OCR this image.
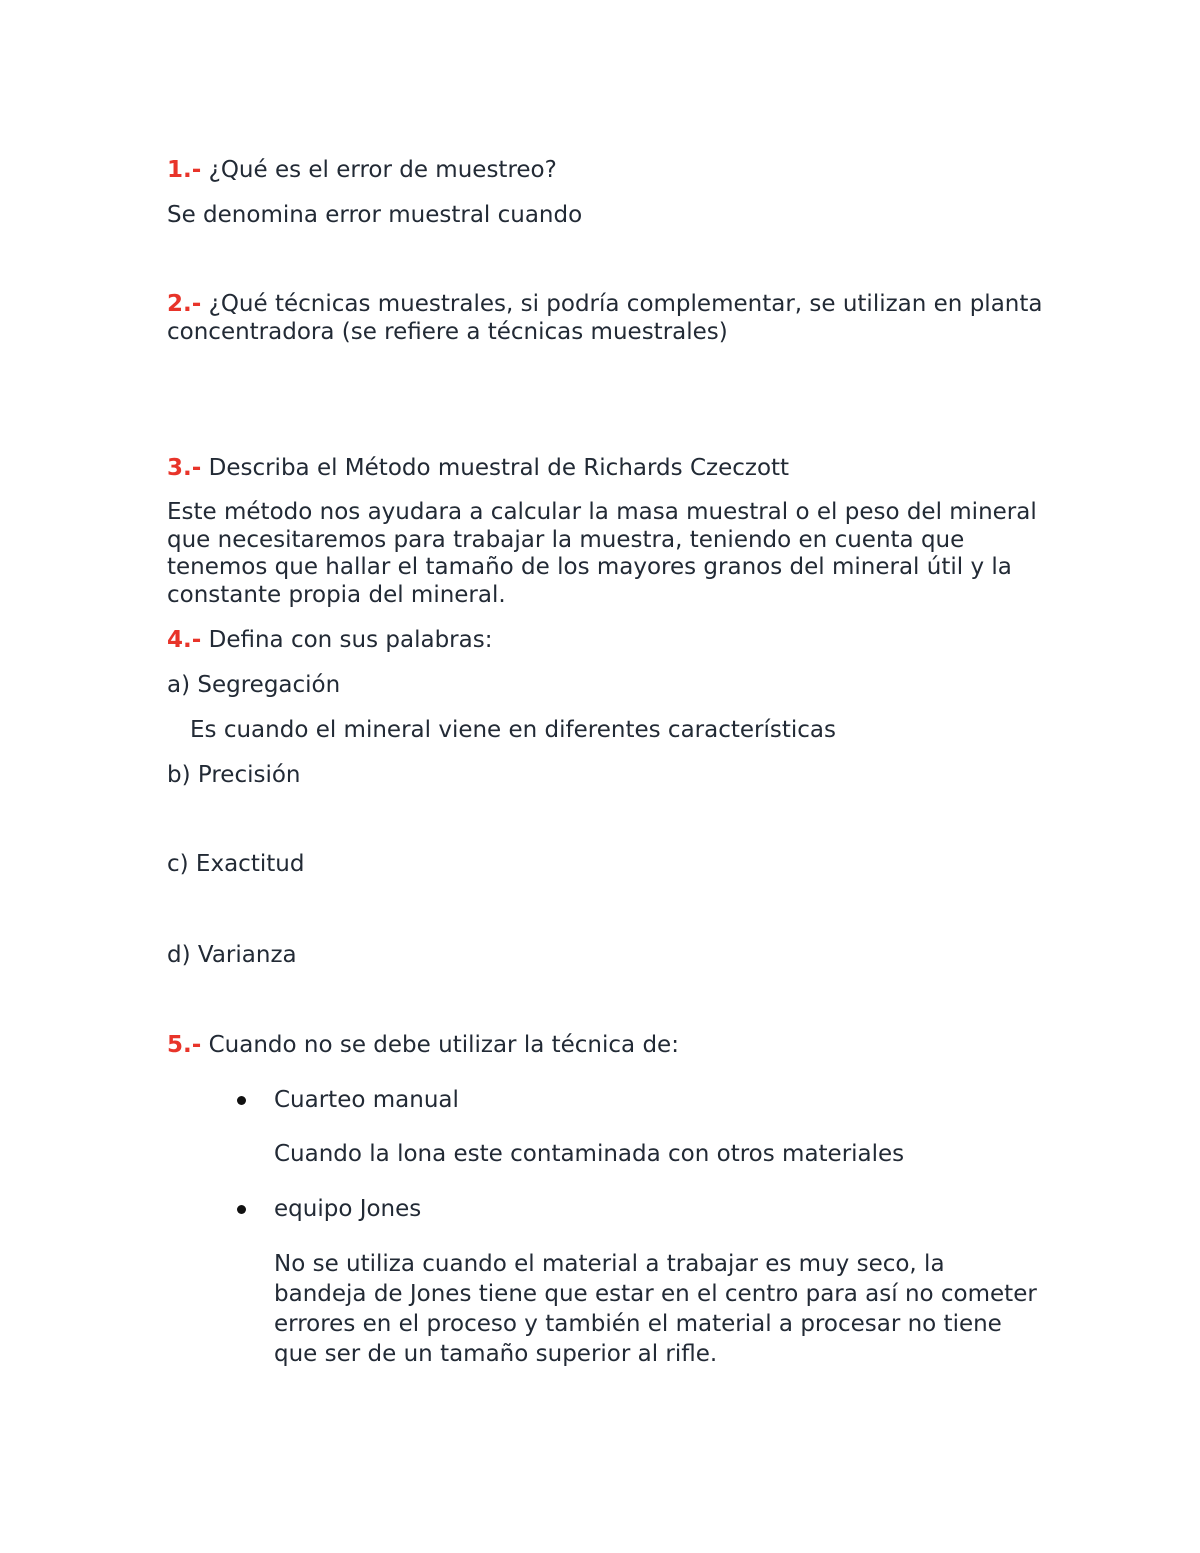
1.- ¿Qué es el error de muestreo?
Se denomina error muestral cuando
2.- ¿Qué técnicas muestrales, si podría complementar, se utilizan en planta concentradora (se refiere a técnicas muestrales)
3.- Describa el Método muestral de Richards Czeczott
Este método nos ayudara a calcular la masa muestral o el peso del mineral que necesitaremos para trabajar la muestra, teniendo en cuenta que tenemos que hallar el tamaño de los mayores granos del mineral útil y la constante propia del mineral.
4.- Defina con sus palabras:
a) Segregación
Es cuando el mineral viene en diferentes características
b) Precisión
c) Exactitud
d) Varianza
5.- Cuando no se debe utilizar la técnica de:
Cuarteo manual
Cuando la lona este contaminada con otros materiales
equipo Jones
No se utiliza cuando el material a trabajar es muy seco, la bandeja de Jones tiene que estar en el centro para así no cometer errores en el proceso y también el material a procesar no tiene que ser de un tamaño superior al rifle.
